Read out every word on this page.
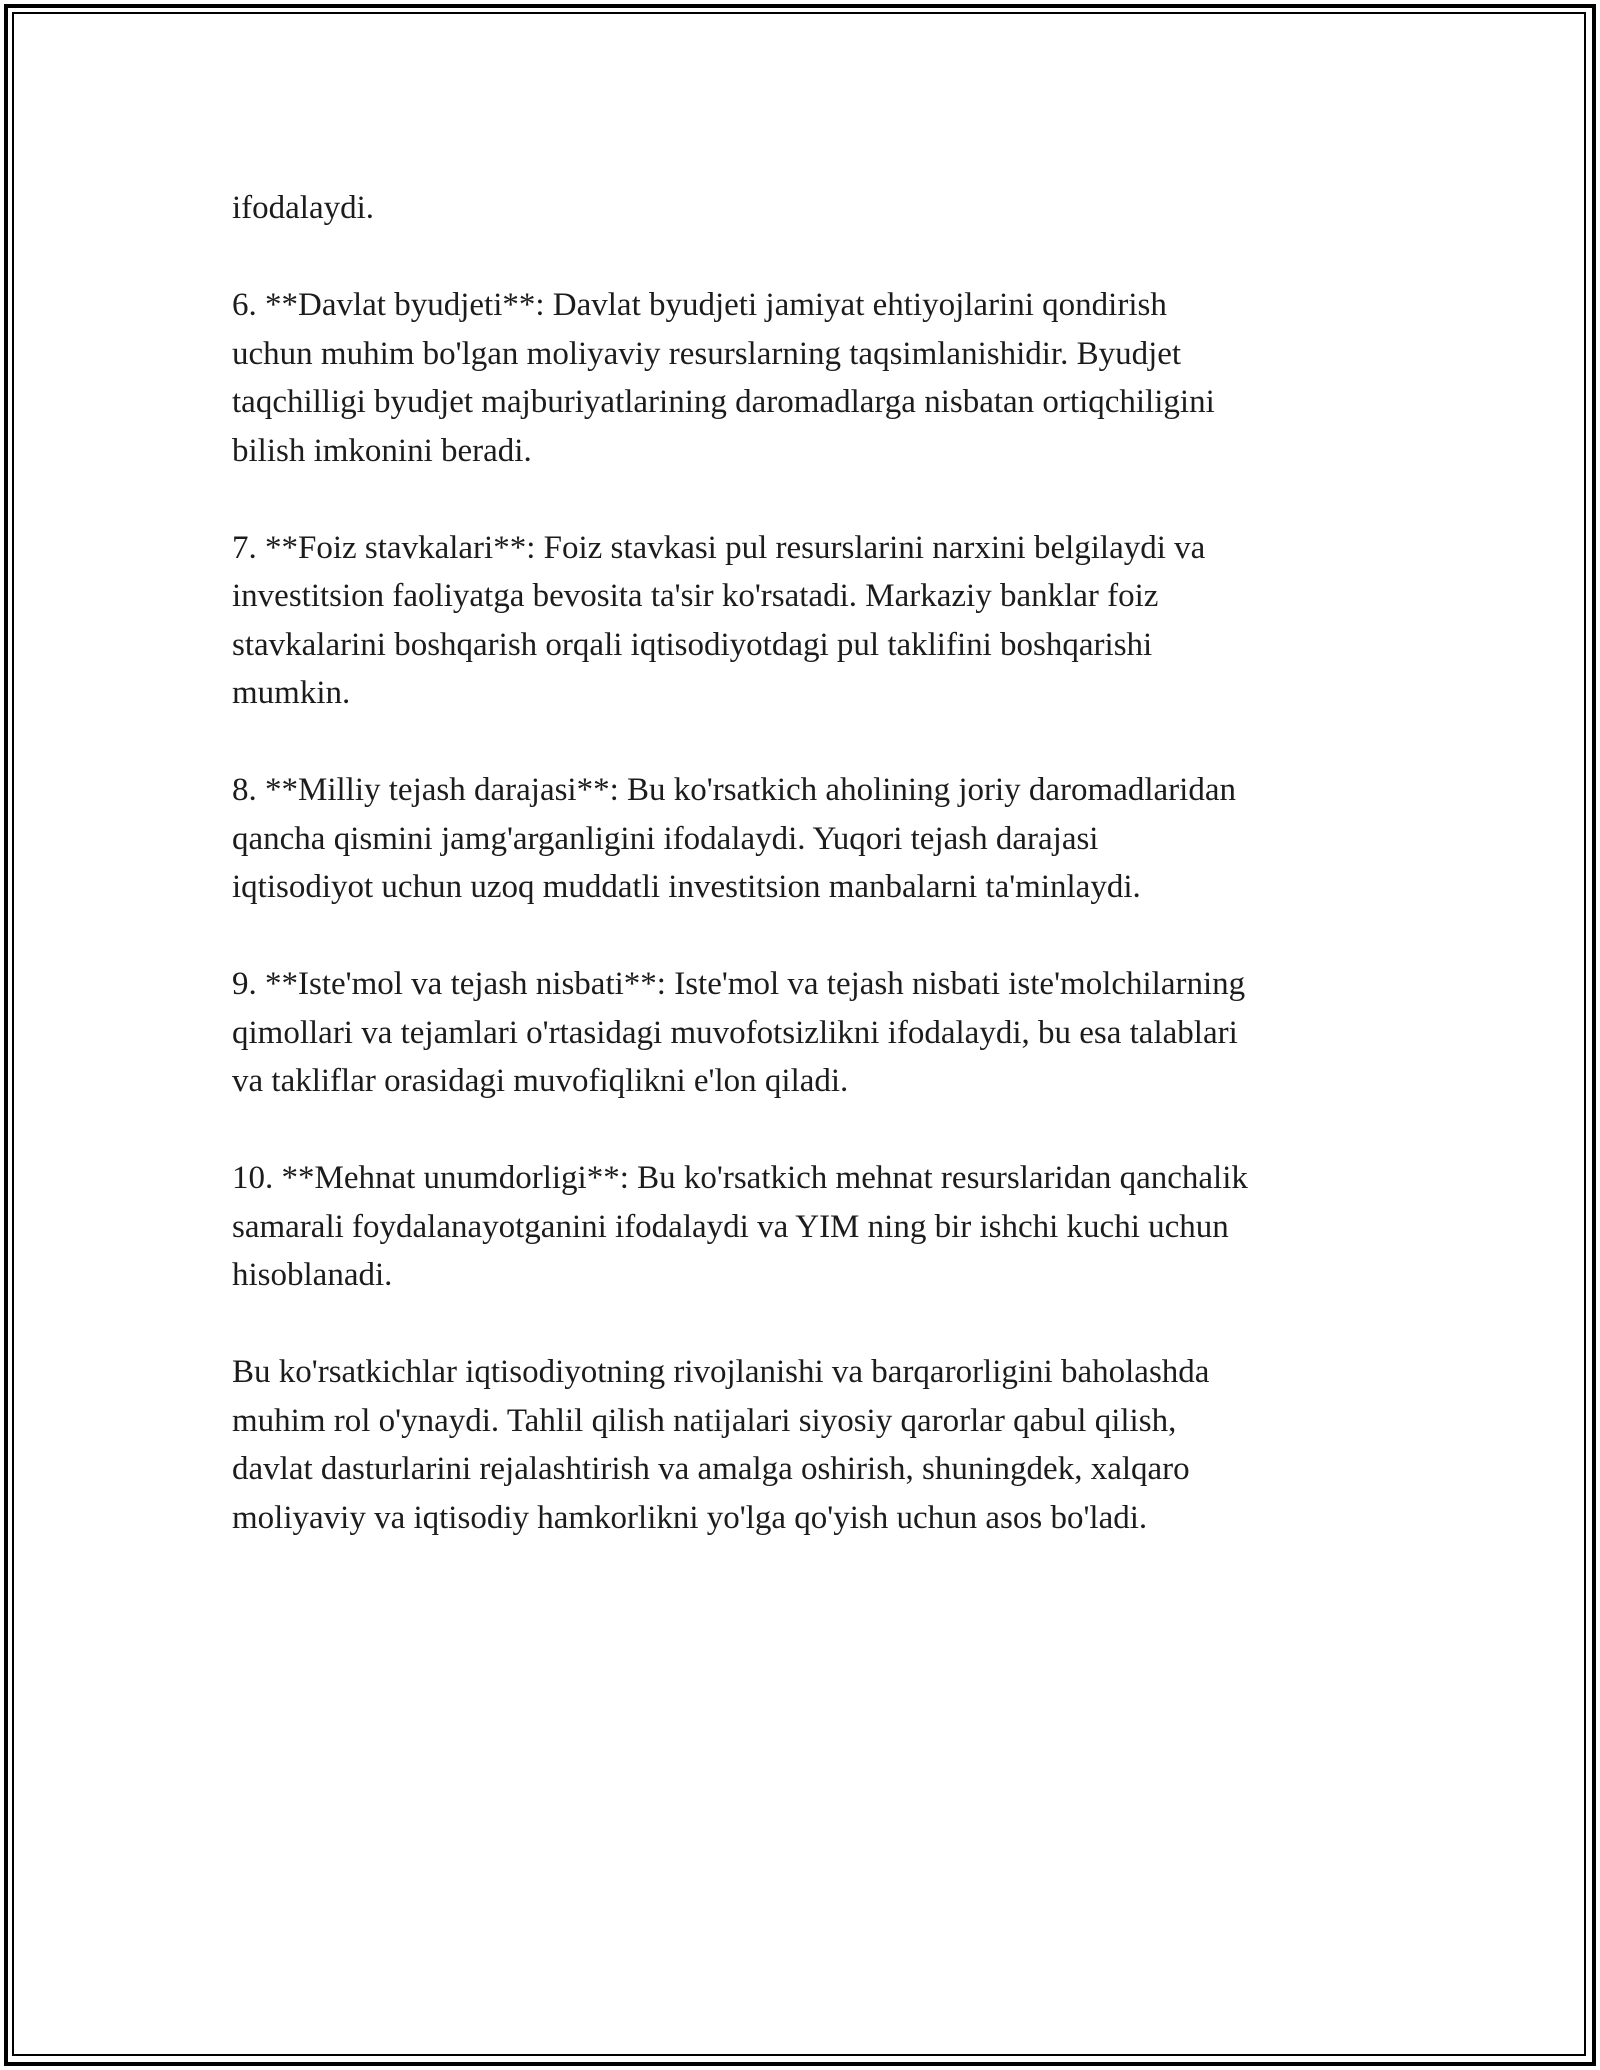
ifodalaydi.

6. **Davlat byudjeti**: Davlat byudjeti jamiyat ehtiyojlarini qondirish
uchun muhim bo'lgan moliyaviy resurslarning taqsimlanishidir. Byudjet
taqchilligi byudjet majburiyatlarining daromadlarga nisbatan ortiqchiligini
bilish imkonini beradi.

7. **Foiz stavkalari**: Foiz stavkasi pul resurslarini narxini belgilaydi va
investitsion faoliyatga bevosita ta'sir ko'rsatadi. Markaziy banklar foiz
stavkalarini boshqarish orqali iqtisodiyotdagi pul taklifini boshqarishi
mumkin.

8. **Milliy tejash darajasi**: Bu ko'rsatkich aholining joriy daromadlaridan
qancha qismini jamg'arganligini ifodalaydi. Yuqori tejash darajasi
iqtisodiyot uchun uzoq muddatli investitsion manbalarni ta'minlaydi.

9. **Iste'mol va tejash nisbati**: Iste'mol va tejash nisbati iste'molchilarning
qimollari va tejamlari o'rtasidagi muvofotsizlikni ifodalaydi, bu esa talablari
va takliflar orasidagi muvofiqlikni e'lon qiladi.

10. **Mehnat unumdorligi**: Bu ko'rsatkich mehnat resurslaridan qanchalik
samarali foydalanayotganini ifodalaydi va YIM ning bir ishchi kuchi uchun
hisoblanadi.

Bu ko'rsatkichlar iqtisodiyotning rivojlanishi va barqarorligini baholashda
muhim rol o'ynaydi. Tahlil qilish natijalari siyosiy qarorlar qabul qilish,
davlat dasturlarini rejalashtirish va amalga oshirish, shuningdek, xalqaro
moliyaviy va iqtisodiy hamkorlikni yo'lga qo'yish uchun asos bo'ladi.
